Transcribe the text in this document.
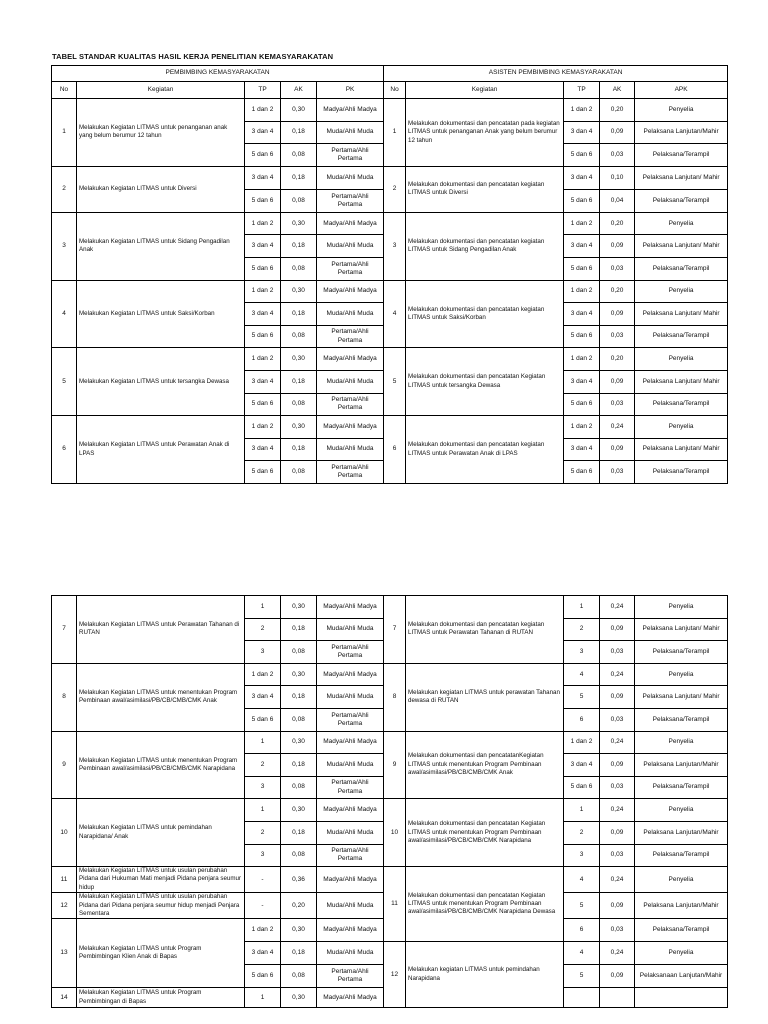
TABEL STANDAR KUALITAS HASIL KERJA PENELITIAN KEMASYARAKATAN
PEMBIMBING KEMASYARAKATAN					ASISTEN PEMBIMBING KEMASYARAKATAN				
No	Kegiatan	TP	AK	PK	No	Kegiatan	TP	AK	APK
1	Melakukan Kegiatan LITMAS untuk penanganan anak yang belum berumur 12 tahun	1 dan 2	0,30	Madya/Ahli Madya	1	Melakukan dokumentasi dan pencatatan pada kegiatan LITMAS untuk penanganan Anak yang belum berumur 12 tahun	1 dan 2	0,20	Penyelia
		3 dan 4	0,18	Muda/Ahli Muda			3 dan 4	0,09	Pelaksana Lanjutan/Mahir
		5 dan 6	0,08	Pertama/Ahli Pertama			5 dan 6	0,03	Pelaksana/Terampil
2	Melakukan Kegiatan LITMAS untuk Diversi	3 dan 4	0,18	Muda/Ahli Muda	2	Melakukan dokumentasi dan pencatatan kegiatan LITMAS untuk Diversi	3 dan 4	0,10	Pelaksana Lanjutan/ Mahir
		5 dan 6	0,08	Pertama/Ahli Pertama			5 dan 6	0,04	Pelaksana/Terampil
3	Melakukan Kegiatan LITMAS untuk Sidang Pengadilan Anak	1 dan 2	0,30	Madya/Ahli Madya	3	Melakukan dokumentasi dan pencatatan kegiatan LITMAS untuk Sidang Pengadilan Anak	1 dan 2	0,20	Penyelia
		3 dan 4	0,18	Muda/Ahli Muda			3 dan 4	0,09	Pelaksana Lanjutan/ Mahir
		5 dan 6	0,08	Pertama/Ahli Pertama			5 dan 6	0,03	Pelaksana/Terampil
4	Melakukan Kegiatan LITMAS untuk Saksi/Korban	1 dan 2	0,30	Madya/Ahli Madya	4	Melakukan dokumentasi dan pencatatan kegiatan LITMAS untuk Saksi/Korban	1 dan 2	0,20	Penyelia
		3 dan 4	0,18	Muda/Ahli Muda			3 dan 4	0,09	Pelaksana Lanjutan/ Mahir
		5 dan 6	0,08	Pertama/Ahli Pertama			5 dan 6	0,03	Pelaksana/Terampil
5	Melakukan Kegiatan LITMAS untuk tersangka Dewasa	1 dan 2	0,30	Madya/Ahli Madya	5	Melakukan dokumentasi dan pencatatan Kegiatan LITMAS untuk tersangka Dewasa	1 dan 2	0,20	Penyelia
		3 dan 4	0,18	Muda/Ahli Muda			3 dan 4	0,09	Pelaksana Lanjutan/ Mahir
		5 dan 6	0,08	Pertama/Ahli Pertama			5 dan 6	0,03	Pelaksana/Terampil
6	Melakukan Kegiatan LITMAS untuk Perawatan Anak di LPAS	1 dan 2	0,30	Madya/Ahli Madya	6	Melakukan dokumentasi dan pencatatan kegiatan LITMAS untuk Perawatan Anak di LPAS	1 dan 2	0,24	Penyelia
		3 dan 4	0,18	Muda/Ahli Muda			3 dan 4	0,09	Pelaksana Lanjutan/ Mahir
		5 dan 6	0,08	Pertama/Ahli Pertama			5 dan 6	0,03	Pelaksana/Terampil
7	Melakukan Kegiatan LITMAS untuk Perawatan Tahanan di RUTAN	1	0,30	Madya/Ahli Madya	7	Melakukan dokumentasi dan pencatatan kegiatan LITMAS untuk Perawatan Tahanan di RUTAN	1	0,24	Penyelia
		2	0,18	Muda/Ahli Muda			2	0,09	Pelaksana Lanjutan/ Mahir
		3	0,08	Pertama/Ahli Pertama			3	0,03	Pelaksana/Terampil
8	Melakukan Kegiatan LITMAS untuk menentukan Program Pembinaan awal/asimilasi/PB/CB/CMB/CMK Anak	1 dan 2	0,30	Madya/Ahli Madya	8	Melakukan kegiatan LITMAS untuk perawatan Tahanan dewasa di RUTAN	4	0,24	Penyelia
		3 dan 4	0,18	Muda/Ahli Muda			5	0,09	Pelaksana Lanjutan/ Mahir
		5 dan 6	0,08	Pertama/Ahli Pertama			6	0,03	Pelaksana/Terampil
9	Melakukan Kegiatan LITMAS untuk menentukan Program Pembinaan awal/asimilasi/PB/CB/CMB/CMK Narapidana	1	0,30	Madya/Ahli Madya	9	Melakukan dokumentasi dan pencatatanKegiatan LITMAS untuk menentukan Program Pembinaan awal/asimilasi/PB/CB/CMB/CMK Anak	1 dan 2	0,24	Penyelia
		2	0,18	Muda/Ahli Muda			3 dan 4	0,09	Pelaksana Lanjutan/Mahir
		3	0,08	Pertama/Ahli Pertama			5 dan 6	0,03	Pelaksana/Terampil
10	Melakukan Kegiatan LITMAS untuk pemindahan Narapidana/ Anak	1	0,30	Madya/Ahli Madya	10	Melakukan dokumentasi dan pencatatan Kegiatan LITMAS untuk menentukan Program Pembinaan awal/asimilasi/PB/CB/CMB/CMK Narapidana	1	0,24	Penyelia
		2	0,18	Muda/Ahli Muda			2	0,09	Pelaksana Lanjutan/Mahir
		3	0,08	Pertama/Ahli Pertama			3	0,03	Pelaksana/Terampil
11	Melakukan Kegiatan LITMAS untuk usulan perubahan Pidana dari Hukuman Mati menjadi Pidana penjara seumur hidup	-	0,36	Madya/Ahli Madya	11	Melakukan dokumentasi dan pencatatan Kegiatan LITMAS untuk menentukan Program Pembinaan awal/asimilasi/PB/CB/CMB/CMK Narapidana Dewasa	4	0,24	Penyelia
12	Melakukan Kegiatan LITMAS untuk usulan perubahan Pidana dari Pidana penjara seumur hidup menjadi Penjara Sementara	-	0,20	Muda/Ahli Muda			5	0,09	Pelaksana Lanjutan/Mahir
13	Melakukan Kegiatan LITMAS untuk Program Pembimbingan Klien Anak di Bapas	1 dan 2	0,30	Madya/Ahli Madya			6	0,03	Pelaksana/Terampil
		3 dan 4	0,18	Muda/Ahli Muda	12	Melakukan kegiatan LITMAS untuk pemindahan Narapidana	4	0,24	Penyelia
		5 dan 6	0,08	Pertama/Ahli Pertama			5	0,09	Pelaksanaan Lanjutan/Mahir
14	Melakukan Kegiatan LITMAS untuk Program Pembimbingan di Bapas	1	0,30	Madya/Ahli Madya					
